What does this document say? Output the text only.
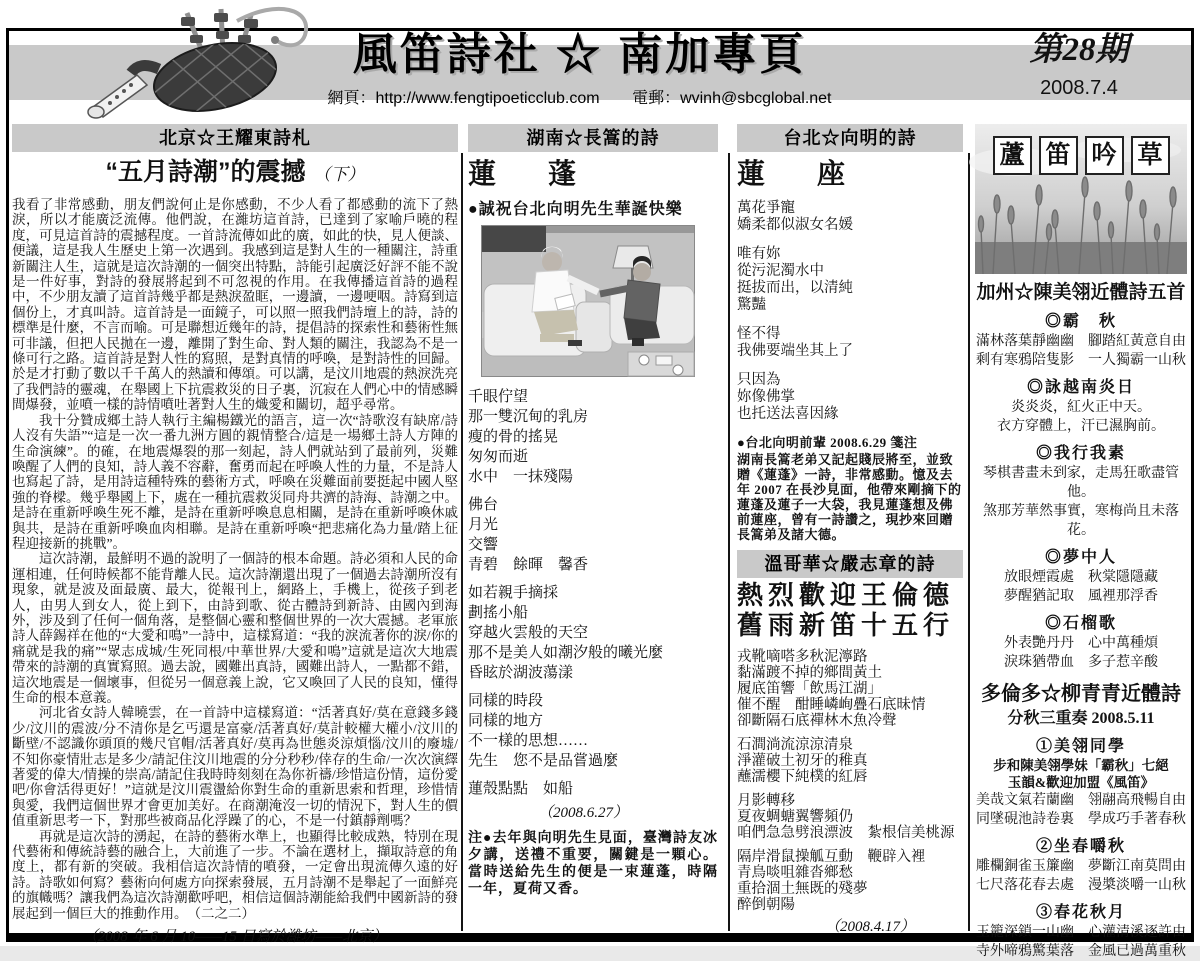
風笛詩社 ☆ 南加專頁
網頁：http://www.fengtipoeticclub.com 電郵：wvinh@sbcglobal.net
第28期
2008.7.4
北京☆王耀東詩札
“五月詩潮”的震撼 （下）
我看了非常感動，朋友們說何止是你感動，不少人看了都感動的流下了熱淚，所以才能廣泛流傳。他們說，在濰坊這首詩，已達到了家喻戶曉的程度，可見這首詩的震撼程度。一首詩流傳如此的廣，如此的快，見人便談、便議，這是我人生歷史上第一次遇到。我感到這是對人生的一種關注，詩重新關注人生，這就是這次詩潮的一個突出特點，詩能引起廣泛好評不能不說是一件好事，對詩的發展將起到不可忽視的作用。在我傳播這首詩的過程中，不少朋友讀了這首詩幾乎都是熱淚盈眶，一邊讀，一邊哽咽。詩寫到這個份上，才真叫詩。這首詩是一面鏡子，可以照一照我們詩壇上的詩，詩的標準是什麼，不言而喻。可是聯想近幾年的詩，提倡詩的探索性和藝術性無可非議，但把人民拋在一邊，離開了對生命、對人類的關注，我認為不是一條可行之路。這首詩是對人性的寫照，是對真情的呼喚，是對詩性的回歸。於是才打動了數以千千萬人的熱讀和傳頌。可以講，是汶川地震的熱淚洗亮了我們詩的靈魂，在舉國上下抗震救災的日子裏，沉寂在人們心中的情感瞬間爆發，並噴一樣的詩情噴吐著對人生的熾愛和關切，超乎尋常。
我十分贊成鄉土詩人執行主編楊鐵光的語言，這一次“詩歌沒有缺席/詩人沒有失語”“這是一次一番九洲方圓的親情整合/這是一場鄉土詩人方陣的生命演練”。的確，在地震爆裂的那一刻起，詩人們就站到了最前列，災難喚醒了人們的良知，詩人義不容辭，奮勇而起在呼喚人性的力量，不是詩人也寫起了詩，是用詩這種特殊的藝術方式，呼喚在災難面前要挺起中國人堅強的脊樑。幾乎舉國上下，處在一種抗震救災同舟共濟的詩海、詩潮之中。是詩在重新呼喚生死不離，是詩在重新呼喚息息相關，是詩在重新呼喚休戚與共，是詩在重新呼喚血肉相聯。是詩在重新呼喚“把悲痛化為力量/踏上征程迎接新的挑戰”。
這次詩潮，最鮮明不過的說明了一個詩的根本命題。詩必須和人民的命運相連，任何時候都不能背離人民。這次詩潮還出現了一個過去詩潮所沒有現象，就是波及面最廣、最大，從報刊上，網路上，手機上，從孩子到老人，由男人到女人，從上到下，由詩到歌、從古體詩到新詩、由國內到海外，涉及到了任何一個角落，是整個心靈和整個世界的一次大震撼。老軍旅詩人薛錫祥在他的“大愛和鳴”一詩中，這樣寫道：“我的淚流著你的淚/你的痛就是我的痛”“眾志成城/生死同根/中華世界/大愛和鳴”這就是這次大地震帶來的詩潮的真實寫照。過去說，國難出真詩，國難出詩人，一點都不錯，這次地震是一個壞事，但從另一個意義上說，它又喚回了人民的良知，懂得生命的根本意義。
河北省女詩人韓曉雲，在一首詩中這樣寫道：“活著真好/莫在意錢多錢少/汶川的震波/分不清你是乞丐還是富豪/活著真好/莫計較權大權小/汶川的斷壁/不認識你頭頂的幾尺官帽/活著真好/莫再為世態炎涼煩惱/汶川的廢墟/不知你豪情壯志是多少/請記住汶川地震的分分秒秒/倖存的生命/一次次演繹著愛的偉大/情操的崇高/請記住我時時刻刻在為你祈禱/珍惜這份情，這份愛吧/你會活得更好！”這就是汶川震盪給你對生命的重新思索和哲理，珍惜情與愛，我們這個世界才會更加美好。在商潮淹沒一切的情況下，對人生的價值重新思考一下，對那些被商品化浮躁了的心，不是一付鎮靜劑嗎？
再就是這次詩的湧起，在詩的藝術水準上，也顯得比較成熟，特別在現代藝術和傳統詩藝的融合上，大前進了一步。不論在選材上，擷取詩意的角度上，都有新的突破。我相信這次詩情的噴發，一定會出現流傳久遠的好詩。詩歌如何寫？藝術向何處方向探索發展，五月詩潮不是舉起了一面鮮亮的旗幟嗎？讓我們為這次詩潮歡呼吧，相信這個詩潮能給我們中國新詩的發展起到一個巨大的推動作用。　（二之二）
（2008 年 6 月 10——15 日寫於濰坊——北京）
湖南☆長篙的詩
蓮　蓬
●誠祝台北向明先生華誕快樂
千眼佇望
那一雙沉甸的乳房
瘦的骨的搖晃
匆匆而逝
水中　一抹殘陽
佛台
月光
交響
青碧　餘暉　馨香
如若親手摘採
劃搖小船
穿越火雲般的天空
那不是美人如潮汐般的曦光麼
昏眩於湖波蕩漾
同樣的時段
同樣的地方
不一樣的思想……
先生　您不是品嘗過麼
蓮殼點點　如船
（2008.6.27）
注●去年與向明先生見面，臺灣詩友冰夕講，送禮不重要，關鍵是一顆心。當時送給先生的便是一束蓮蓬，時隔一年，夏荷又香。
台北☆向明的詩
蓮　座
萬花爭寵
嬌柔都似淑女名媛
唯有妳
從污泥濁水中
挺拔而出，以清純
驚豔
怪不得
我佛要端坐其上了
只因為
妳像佛掌
也托送法喜因緣
●台北向明前輩 2008.6.29 箋注
湖南長篙老弟又記起賤辰將至，並致贈《蓮蓬》一詩，非常感動。憶及去年 2007 在長沙見面，他帶來剛摘下的蓮蓬及蓮子一大袋，我見蓮蓬想及佛前蓮座，曾有一詩讚之，現抄來回贈長篙弟及諸大德。
溫哥華☆嚴志章的詩
熱烈歡迎王倫德
舊雨新笛十五行
戎靴嘀嗒多秋泥濘路
黏滿踱不掉的鄉間黃土
履底笛響「飲馬江湖」
催不醒　酣睡嶙峋疊石底昧情
卻斷隔石底禪林木魚冷聲
石澗淌流涼涼清泉
淨灌破土初牙的稚真
蘸濡櫻下純樸的紅唇
月影轉移
夏夜蜩螗翼響頻仍
咱們急急劈浪漂波　紮根信美桃源
隔岸滑鼠操觚互動　鞭辟入裡
青鳥啖咀雜沓鄉愁
重拾涸土無既的殘夢
醉倒朝陽
（2008.4.17）
蘆 笛 吟 草
加州☆陳美翎近體詩五首
◎霸　秋
滿林落葉靜幽幽　腳踏紅黃意自由
剩有寒鴉陪隻影　一人獨霸一山秋
◎詠越南炎日
炎炎炎，紅火正中天。
衣方穿體上，汗已濕胸前。
◎我行我素
琴棋書畫未到家，走馬狂歌盡管他。
煞那芳華然事實，寒梅尚且未落花。
◎夢中人
放眼煙霞處　秋棠隱隱藏
夢醒猶記取　風裡那浮香
◎石榴歌
外表艷丹丹　心中萬種煩
淚珠猶帶血　多子惹辛酸
多倫多☆柳青青近體詩
分秋三重奏 2008.5.11
①美翎同學
步和陳美翎學妹「霸秋」七絕
玉韻&歡迎加盟《風笛》
美哉文氣若蘭幽　翎翮高飛暢自由
同墜硯池詩卷裏　學成巧手著春秋
②坐春嚼秋
雕欄銅雀玉簾幽　夢斷江南莫問由
七尺落花春去處　漫槳淡嚼一山秋
③春花秋月
玉籠深鎖一山幽　心灌清溪逐許由
寺外啼鴉驚葉落　金風已過萬重秋
